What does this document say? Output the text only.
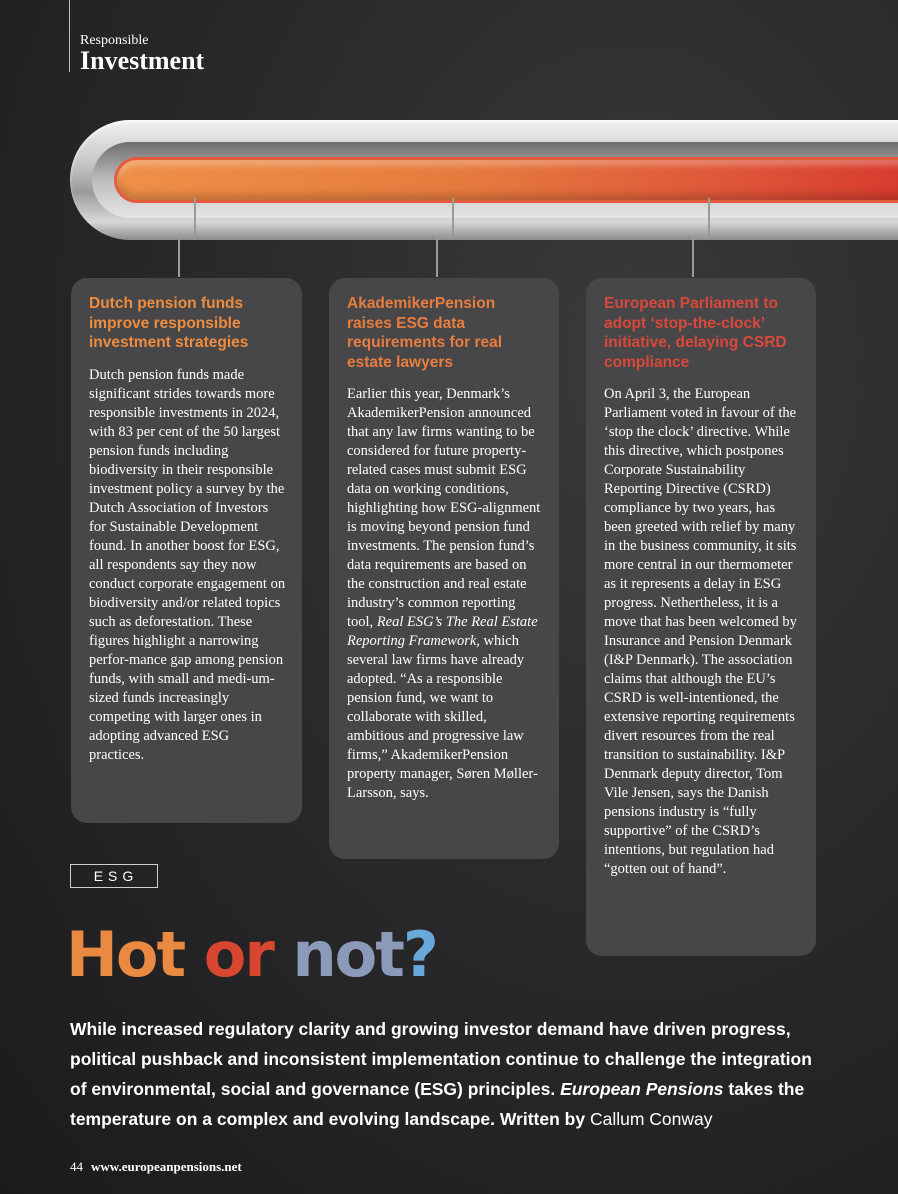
Responsible
Investment
Dutch pension funds improve responsible investment strategies

Dutch pension funds made significant strides towards more responsible investments in 2024, with 83 per cent of the 50 largest pension funds including biodiversity in their responsible investment policy a survey by the Dutch Association of Investors for Sustainable Development found. In another boost for ESG, all respondents say they now conduct corporate engagement on biodiversity and/or related topics such as deforestation. These figures highlight a narrowing perfor-mance gap among pension funds, with small and medi-um-sized funds increasingly competing with larger ones in adopting advanced ESG practices.

AkademikerPension raises ESG data requirements for real estate lawyers

Earlier this year, Denmark’s AkademikerPension announced that any law firms wanting to be considered for future property-related cases must submit ESG data on working conditions, highlighting how ESG-alignment is moving beyond pension fund investments. The pension fund’s data requirements are based on the construction and real estate industry’s common reporting tool, Real ESG’s The Real Estate Reporting Framework, which several law firms have already adopted. “As a responsible pension fund, we want to collaborate with skilled, ambitious and progressive law firms,” AkademikerPension property manager, Søren Møller-Larsson, says.

European Parliament to adopt ‘stop-the-clock’ initiative, delaying CSRD compliance

On April 3, the European Parliament voted in favour of the ‘stop the clock’ directive. While this directive, which postpones Corporate Sustainability Reporting Directive (CSRD) compliance by two years, has been greeted with relief by many in the business community, it sits more central in our thermometer as it represents a delay in ESG progress. Nethertheless, it is a move that has been welcomed by Insurance and Pension Denmark (I&P Denmark). The association claims that although the EU’s CSRD is well-intentioned, the extensive reporting requirements divert resources from the real transition to sustainability. I&P Denmark deputy director, Tom Vile Jensen, says the Danish pensions industry is “fully supportive” of the CSRD’s intentions, but regulation had “gotten out of hand”.

ESG
Hot or not?

While increased regulatory clarity and growing investor demand have driven progress, political pushback and inconsistent implementation continue to challenge the integration of environmental, social and governance (ESG) principles. European Pensions takes the temperature on a complex and evolving landscape. Written by Callum Conway

44 www.europeanpensions.net
